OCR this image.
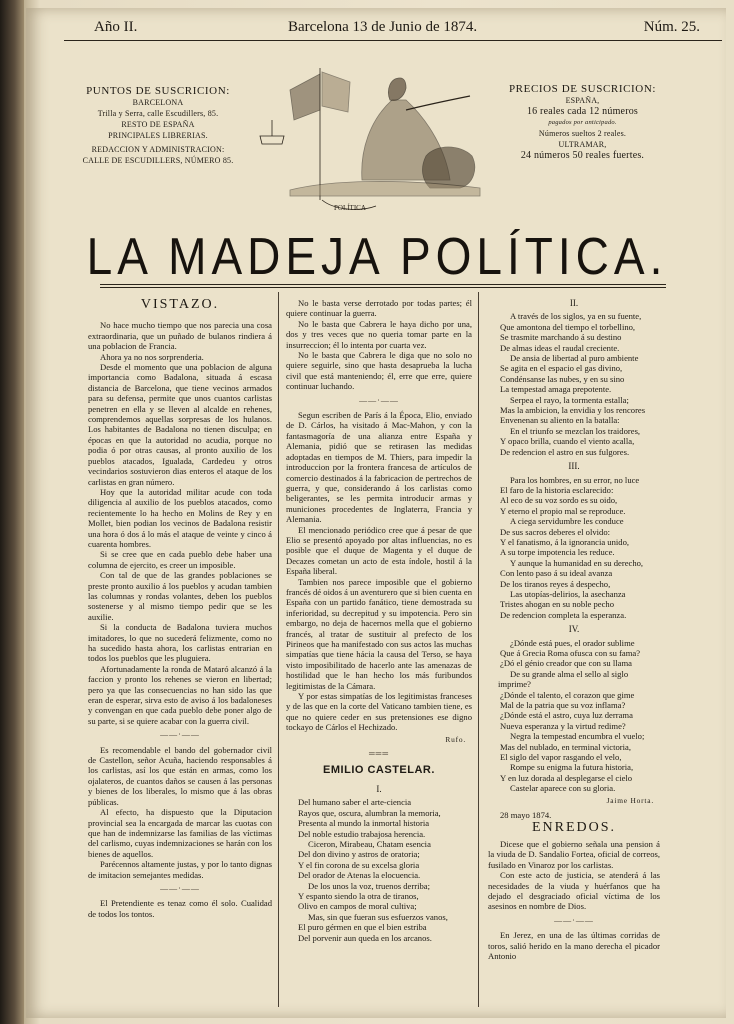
Año II.	Barcelona 13 de Junio de 1874.	Núm. 25.
PUNTOS DE SUSCRICION:
BARCELONA
Trilla y Serra, calle Escudillers, 85.
RESTO DE ESPAÑA
PRINCIPALES LIBRERIAS.
REDACCION Y ADMINISTRACION:
CALLE DE ESCUDILLERS, NÚMERO 85.
PRECIOS DE SUSCRICION:
ESPAÑA,
16 reales cada 12 números
pagados por anticipado.
Números sueltos 2 reales.
ULTRAMAR,
24 números 50 reales fuertes.
POLÍTICA
LA MADEJA POLÍTICA.
VISTAZO.

No hace mucho tiempo que nos parecia una cosa extraordinaria, que un puñado de bulanos rindiera á una poblacion de Francia.

Ahora ya no nos sorprenderia.

Desde el momento que una poblacion de alguna importancia como Badalona, situada á escasa distancia de Barcelona, que tiene vecinos armados para su defensa, permite que unos cuantos carlistas penetren en ella y se lleven al alcalde en rehenes, comprendemos aquellas sorpresas de los hulanos. Los habitantes de Badalona no tienen disculpa; en épocas en que la autoridad no acudia, porque no podia ó por otras causas, al pronto auxilio de los pueblos atacados, Igualada, Cardedeu y otros vecindarios sostuvieron dias enteros el ataque de los carlistas en gran número.

Hoy que la autoridad militar acude con toda diligencia al auxilio de los pueblos atacados, como recientemente lo ha hecho en Molins de Rey y en Mollet, bien podian los vecinos de Badalona resistir una hora ó dos á lo más el ataque de veinte y cinco á cuarenta hombres.

Si se cree que en cada pueblo debe haber una columna de ejercito, es creer un imposible.

Con tal de que de las grandes poblaciones se preste pronto auxilio á los pueblos y acudan tambien las columnas y rondas volantes, deben los pueblos sostenerse y al mismo tiempo pedir que se les auxilie.

Si la conducta de Badalona tuviera muchos imitadores, lo que no sucederá felizmente, como no ha sucedido hasta ahora, los carlistas entrarian en todos los pueblos que les pluguiera.

Afortunadamente la ronda de Mataró alcanzó á la faccion y pronto los rehenes se vieron en libertad; pero ya que las consecuencias no han sido las que eran de esperar, sirva esto de aviso á los badaloneses y convengan en que cada pueblo debe poner algo de su parte, si se quiere acabar con la guerra civil.

——·——

Es recomendable el bando del gobernador civil de Castellon, señor Acuña, haciendo responsables á los carlistas, así los que están en armas, como los ojalateros, de cuantos daños se causen á las personas y bienes de los liberales, lo mismo que á las obras públicas.

Al efecto, ha dispuesto que la Diputacion provincial sea la encargada de marcar las cuotas con que han de indemnizarse las familias de las víctimas del carlismo, cuyas indemnizaciones se harán con los bienes de aquellos.

Parécennos altamente justas, y por lo tanto dignas de imitacion semejantes medidas.

——·——

El Pretendiente es tenaz como él solo. Cualidad de todos los tontos.

No le basta verse derrotado por todas partes; él quiere continuar la guerra.

No le basta que Cabrera le haya dicho por una, dos y tres veces que no queria tomar parte en la insurreccion; él lo intenta por cuarta vez.

No le basta que Cabrera le diga que no solo no quiere seguirle, sino que hasta desapruebа la lucha civil que está manteniendo; él, erre que erre, quiere continuar luchando.

——·——

Segun escriben de París á la Época, Elio, enviado de D. Cárlos, ha visitado á Mac-Mahon, y con la fantasmagoría de una alianza entre España y Alemania, pidió que se retirasen las medidas adoptadas en tiempos de M. Thiers, para impedir la introduccion por la frontera francesa de artículos de comercio destinados á la fabricacion de pertrechos de guerra, y que, considerando á los carlistas como beligerantes, se les permita introducir armas y municiones procedentes de Inglaterra, Francia y Alemania.

El mencionado periódico cree que á pesar de que Elio se presentó apoyado por altas influencias, no es posible que el duque de Magenta y el duque de Decazes cometan un acto de esta índole, hostil á la España liberal.

Tambien nos parece imposible que el gobierno francés dé oidos á un aventurero que si bien cuenta en España con un partido fanático, tiene demostrada su inferioridad, su decrepitud y su impotencia. Pero sin embargo, no deja de hacernos mella que el gobierno francés, al tratar de sustituir al prefecto de los Pirineos que ha manifestado con sus actos las muchas simpatías que tiene hácia la causa del Terso, se haya visto imposibilitado de hacerlo ante las amenazas de hostilidad que le han hecho los más furibundos legitimistas de la Cámara.

Y por estas simpatías de los legitimistas franceses y de las que en la corte del Vaticano tambien tiene, es que no quiere ceder en sus pretensiones ese digno tockayo de Cárlos el Hechizado.

Rufo.
═══
EMILIO CASTELAR.
I.

Del humano saber el arte-ciencia

Rayos que, oscura, alumbran la memoria,

Presenta al mundo la inmortal historia

Del noble estudio trabajosa herencia.

Ciceron, Mirabeau, Chatam esencia

Del don divino y astros de oratoria;

Y el fin corona de su excelsa gloria

Del orador de Atenas la elocuencia.

De los unos la voz, truenos derriba;

Y espanto siendo la otra de tiranos,

Olivo en campos de moral cultiva;

Mas, sin que fueran sus esfuerzos vanos,

El puro gérmen en que el bien estriba

Del porvenir aun queda en los arcanos.

II.

A través de los siglos, ya en su fuente,

Que amontona del tiempo el torbellino,

Se trasmite marchando á su destino

De almas ideas el raudal creciente.

De ansia de libertad al puro ambiente

Se agita en el espacio el gas divino,

Condénsanse las nubes, y en su sino

La tempestad amaga prepotente.

Serpea el rayo, la tormenta estalla;

Mas la ambicion, la envidia y los rencores

Envenenan su aliento en la batalla:

En el triunfo se mezclan los traidores,

Y opaco brilla, cuando el viento acalla,

De redencion el astro en sus fulgores.

III.

Para los hombres, en su error, no luce

El faro de la historia esclarecido:

Al eco de su voz sordo es su oido,

Y eterno el propio mal se reproduce.

A ciega servidumbre les conduce

De sus sacros deberes el olvido:

Y el fanatismo, á la ignorancia unido,

A su torpe impotencia les reduce.

Y aunque la humanidad en su derecho,

Con lento paso á su ideal avanza

De los tiranos reyes á despecho,

Las utopías-delirios, la asechanza

Tristes ahogan en su noble pecho

De redencion completa la esperanza.

IV.

¿Dónde está pues, el orador sublime

Que á Grecia Roma ofusca con su fama?

¿Dó el génio creador que con su llama

De su grande alma el sello al siglo imprime?

¿Dónde el talento, el corazon que gime

Mal de la patria que su voz inflama?

¿Dónde está el astro, cuya luz derrama

Nueva esperanza y la virtud redime?

Negra la tempestad encumbra el vuelo;

Mas del nublado, en terminal victoria,

El siglo del vapor rasgando el velo,

Rompe su enigma la futura historia,

Y en luz dorada al desplegarse el cielo

Castelar aparece con su gloria.

Jaime Horta.

28 mayo 1874.

ENREDOS.

Dicese que el gobierno señala una pension á la viuda de D. Sandalio Fortea, oficial de correos, fusilado en Vinaroz por los carlistas.

Con este acto de justicia, se atenderá á las necesidades de la viuda y huérfanos que ha dejado el desgraciado oficial víctima de los asesinos en nombre de Dios.

——·——

En Jerez, en una de las últimas corridas de toros, salió herido en la mano derecha el picador Antonio
